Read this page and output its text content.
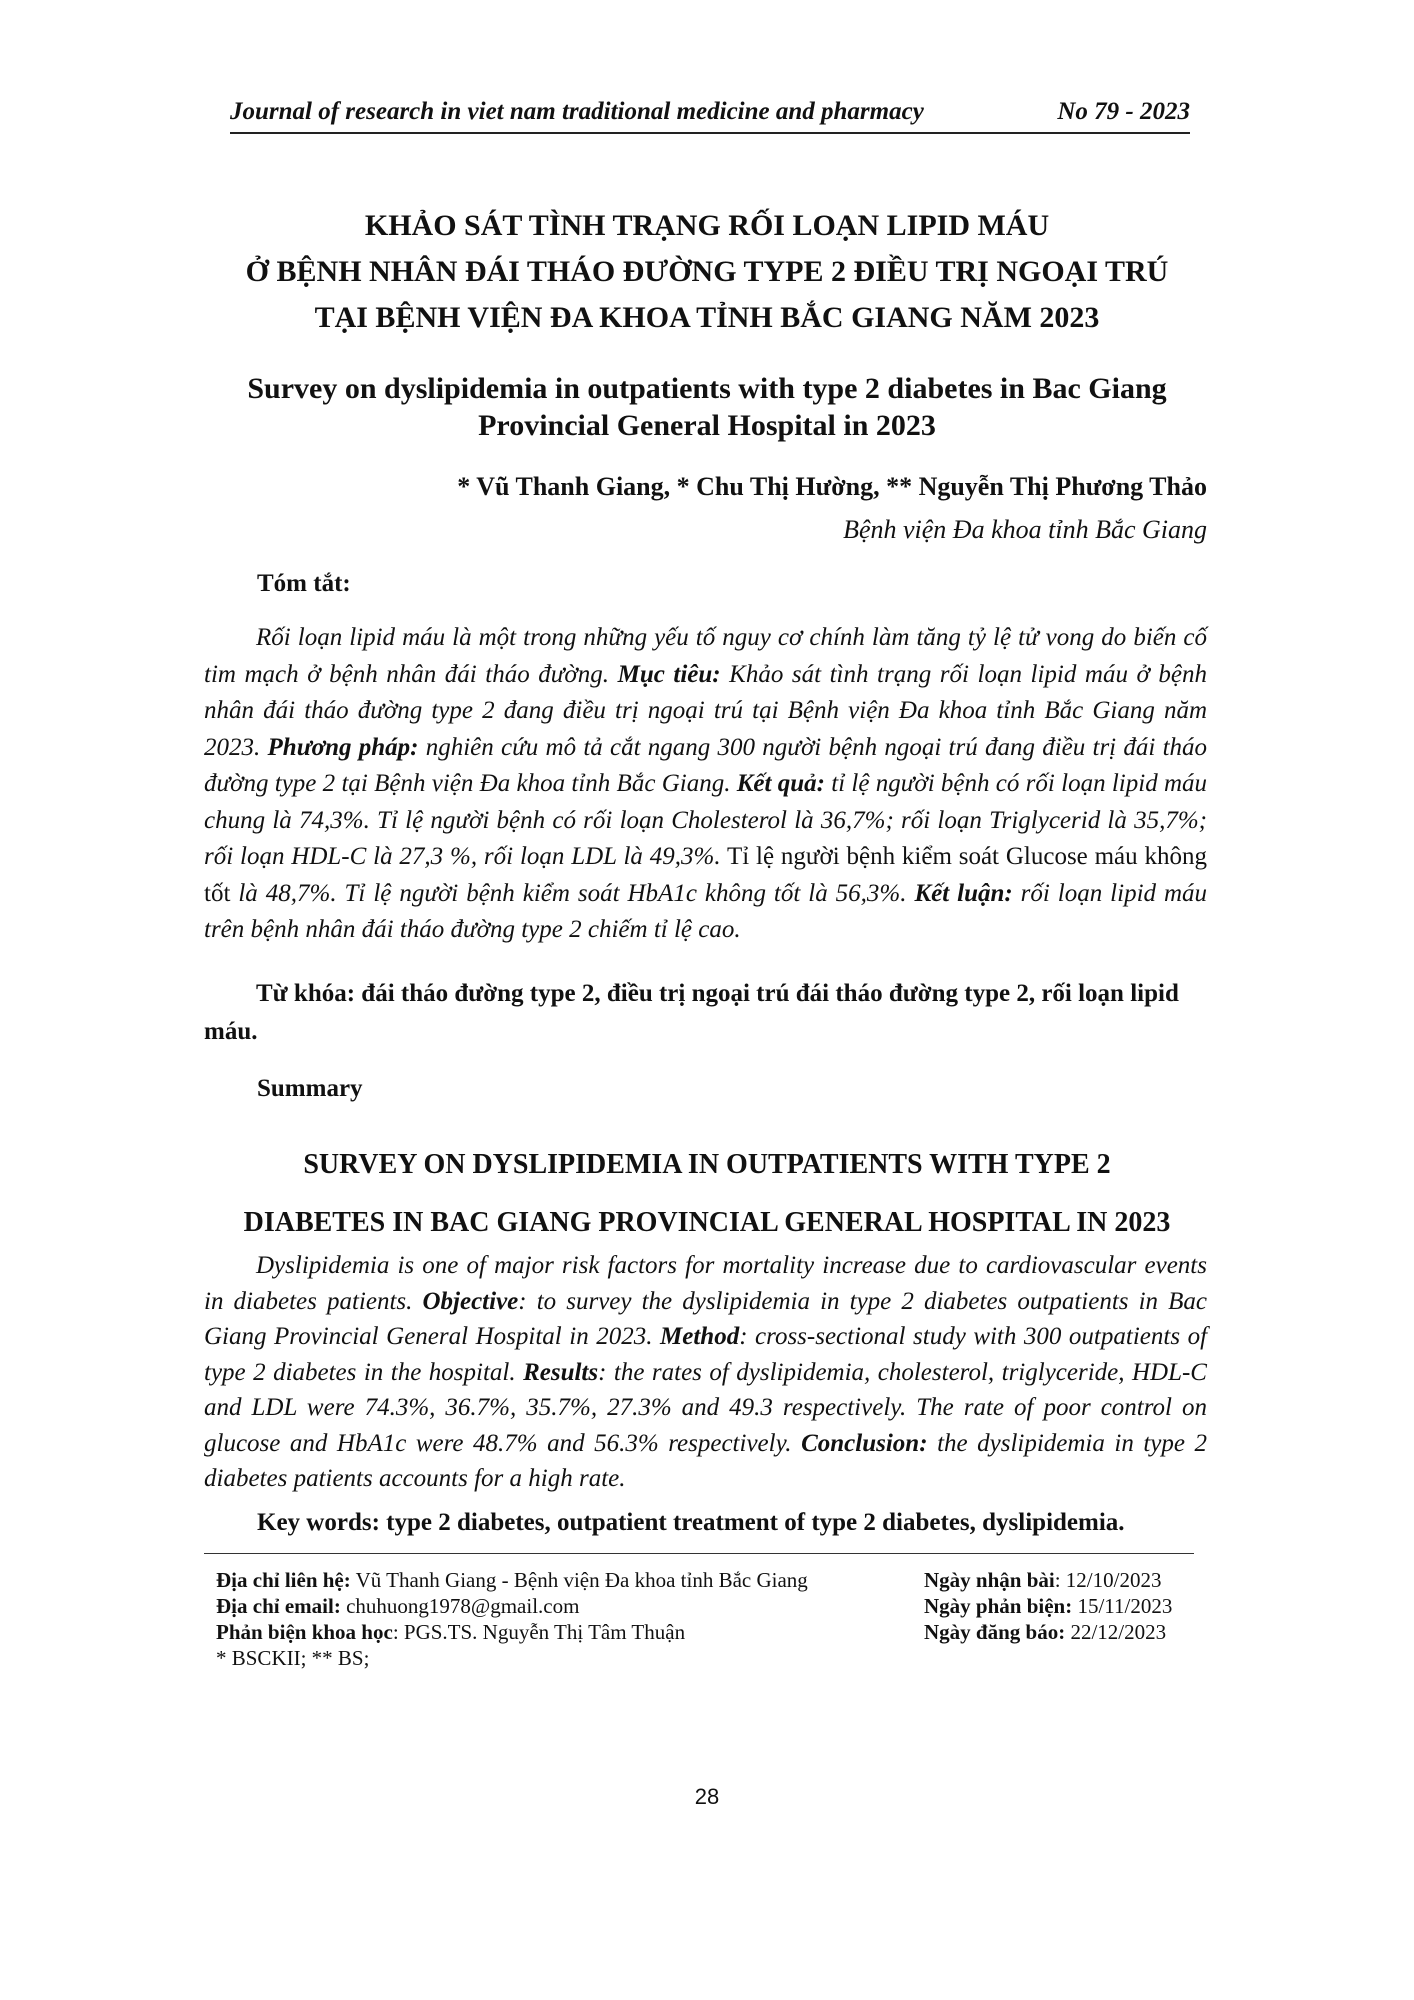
Journal of research in viet nam traditional medicine and pharmacy	No 79 - 2023
KHẢO SÁT TÌNH TRẠNG RỐI LOẠN LIPID MÁU
Ở BỆNH NHÂN ĐÁI THÁO ĐƯỜNG TYPE 2 ĐIỀU TRỊ NGOẠI TRÚ
TẠI BỆNH VIỆN ĐA KHOA TỈNH BẮC GIANG NĂM 2023
Survey on dyslipidemia in outpatients with type 2 diabetes in Bac Giang
Provincial General Hospital in 2023
* Vũ Thanh Giang, * Chu Thị Hường, ** Nguyễn Thị Phương Thảo
Bệnh viện Đa khoa tỉnh Bắc Giang
Tóm tắt:
Rối loạn lipid máu là một trong những yếu tố nguy cơ chính làm tăng tỷ lệ tử vong do biến cố tim mạch ở bệnh nhân đái tháo đường. Mục tiêu: Khảo sát tình trạng rối loạn lipid máu ở bệnh nhân đái tháo đường type 2 đang điều trị ngoại trú tại Bệnh viện Đa khoa tỉnh Bắc Giang năm 2023. Phương pháp: nghiên cứu mô tả cắt ngang 300 người bệnh ngoại trú đang điều trị đái tháo đường type 2 tại Bệnh viện Đa khoa tỉnh Bắc Giang. Kết quả: tỉ lệ người bệnh có rối loạn lipid máu chung là 74,3%. Tỉ lệ người bệnh có rối loạn Cholesterol là 36,7%; rối loạn Triglycerid là 35,7%; rối loạn HDL-C là 27,3 %, rối loạn LDL là 49,3%. Tỉ lệ người bệnh kiểm soát Glucose máu không tốt là 48,7%. Tỉ lệ người bệnh kiểm soát HbA1c không tốt là 56,3%. Kết luận: rối loạn lipid máu trên bệnh nhân đái tháo đường type 2 chiếm tỉ lệ cao.
Từ khóa: đái tháo đường type 2, điều trị ngoại trú đái tháo đường type 2, rối loạn lipid máu.
Summary
SURVEY ON DYSLIPIDEMIA IN OUTPATIENTS WITH TYPE 2
DIABETES IN BAC GIANG PROVINCIAL GENERAL HOSPITAL IN 2023
Dyslipidemia is one of major risk factors for mortality increase due to cardiovascular events in diabetes patients. Objective: to survey the dyslipidemia in type 2 diabetes outpatients in Bac Giang Provincial General Hospital in 2023. Method: cross-sectional study with 300 outpatients of type 2 diabetes in the hospital. Results: the rates of dyslipidemia, cholesterol, triglyceride, HDL-C and LDL were 74.3%, 36.7%, 35.7%, 27.3% and 49.3 respectively. The rate of poor control on glucose and HbA1c were 48.7% and 56.3% respectively. Conclusion: the dyslipidemia in type 2 diabetes patients accounts for a high rate.
Key words: type 2 diabetes, outpatient treatment of type 2 diabetes, dyslipidemia.
Địa chỉ liên hệ: Vũ Thanh Giang - Bệnh viện Đa khoa tỉnh Bắc Giang	Ngày nhận bài: 12/10/2023
Địa chỉ email: chuhuong1978@gmail.com	Ngày phản biện: 15/11/2023
Phản biện khoa học: PGS.TS. Nguyễn Thị Tâm Thuận	Ngày đăng báo: 22/12/2023
* BSCKII; ** BS;
28
